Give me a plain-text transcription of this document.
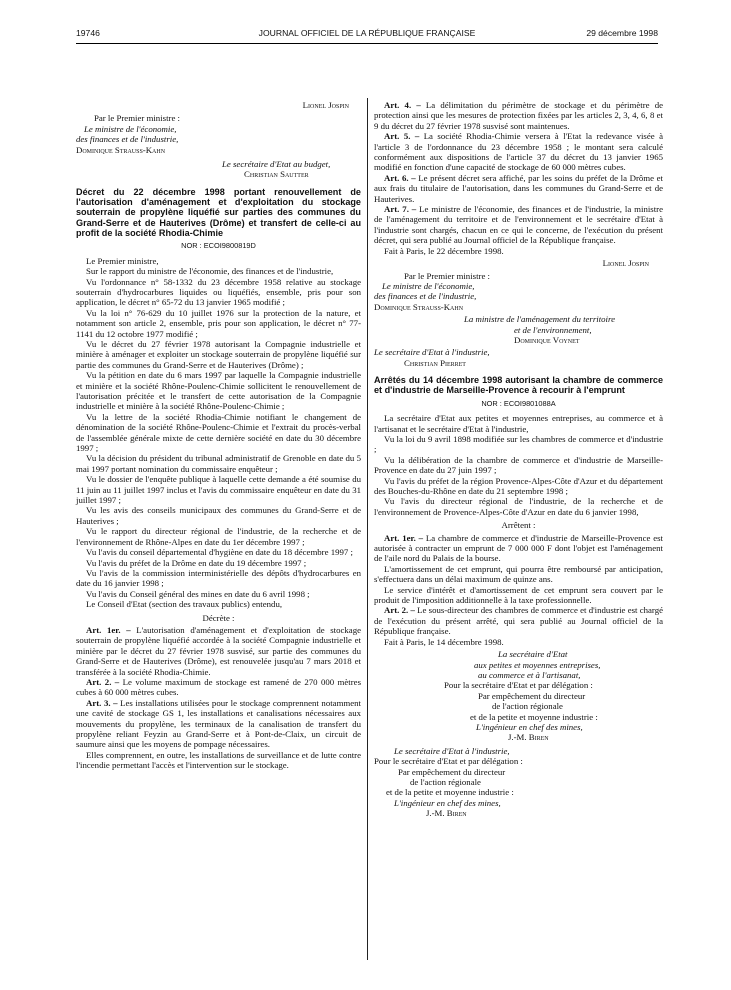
19746	JOURNAL OFFICIEL DE LA RÉPUBLIQUE FRANÇAISE	29 décembre 1998

Lionel Jospin

Par le Premier ministre :

Le ministre de l'économie,

des finances et de l'industrie,

Dominique Strauss-Kahn

Le secrétaire d'Etat au budget,

Christian Sautter

Décret du 22 décembre 1998 portant renouvellement de l'autorisation d'aménagement et d'exploitation du stockage souterrain de propylène liquéfié sur parties des communes du Grand-Serre et de Hauterives (Drôme) et transfert de celle-ci au profit de la société Rhodia-Chimie

NOR : ECOI9800819D

Le Premier ministre,

Sur le rapport du ministre de l'économie, des finances et de l'industrie,

Vu l'ordonnance n° 58-1332 du 23 décembre 1958 relative au stockage souterrain d'hydrocarbures liquides ou liquéfiés, ensemble, pris pour son application, le décret n° 65-72 du 13 janvier 1965 modifié ;

Vu la loi n° 76-629 du 10 juillet 1976 sur la protection de la nature, et notamment son article 2, ensemble, pris pour son application, le décret n° 77-1141 du 12 octobre 1977 modifié ;

Vu le décret du 27 février 1978 autorisant la Compagnie industrielle et minière à aménager et exploiter un stockage souterrain de propylène liquéfié sur partie des communes du Grand-Serre et de Hauterives (Drôme) ;

Vu la pétition en date du 6 mars 1997 par laquelle la Compagnie industrielle et minière et la société Rhône-Poulenc-Chimie sollicitent le renouvellement de l'autorisation précitée et le transfert de cette autorisation de la Compagnie industrielle et minière à la société Rhône-Poulenc-Chimie ;

Vu la lettre de la société Rhodia-Chimie notifiant le changement de dénomination de la société Rhône-Poulenc-Chimie et l'extrait du procès-verbal de l'assemblée générale mixte de cette dernière société en date du 30 décembre 1997 ;

Vu la décision du président du tribunal administratif de Grenoble en date du 5 mai 1997 portant nomination du commissaire enquêteur ;

Vu le dossier de l'enquête publique à laquelle cette demande a été soumise du 11 juin au 11 juillet 1997 inclus et l'avis du commissaire enquêteur en date du 31 juillet 1997 ;

Vu les avis des conseils municipaux des communes du Grand-Serre et de Hauterives ;

Vu le rapport du directeur régional de l'industrie, de la recherche et de l'environnement de Rhône-Alpes en date du 1er décembre 1997 ;

Vu l'avis du conseil départemental d'hygiène en date du 18 décembre 1997 ;

Vu l'avis du préfet de la Drôme en date du 19 décembre 1997 ;

Vu l'avis de la commission interministérielle des dépôts d'hydrocarbures en date du 16 janvier 1998 ;

Vu l'avis du Conseil général des mines en date du 6 avril 1998 ;

Le Conseil d'Etat (section des travaux publics) entendu,

Décrète :

Art. 1er. – L'autorisation d'aménagement et d'exploitation de stockage souterrain de propylène liquéfié accordée à la société Compagnie industrielle et minière par le décret du 27 février 1978 susvisé, sur partie des communes du Grand-Serre et de Hauterives (Drôme), est renouvelée jusqu'au 7 mars 2018 et transférée à la société Rhodia-Chimie.

Art. 2. – Le volume maximum de stockage est ramené de 270 000 mètres cubes à 60 000 mètres cubes.

Art. 3. – Les installations utilisées pour le stockage comprennent notamment une cavité de stockage GS 1, les installations et canalisations nécessaires aux mouvements du propylène, les terminaux de la canalisation de transfert du propylène reliant Feyzin au Grand-Serre et à Pont-de-Claix, un circuit de saumure ainsi que les moyens de pompage nécessaires.

Elles comprennent, en outre, les installations de surveillance et de lutte contre l'incendie permettant l'accès et l'intervention sur le stockage.

Art. 4. – La délimitation du périmètre de stockage et du périmètre de protection ainsi que les mesures de protection fixées par les articles 2, 3, 4, 6, 8 et 9 du décret du 27 février 1978 susvisé sont maintenues.

Art. 5. – La société Rhodia-Chimie versera à l'Etat la redevance visée à l'article 3 de l'ordonnance du 23 décembre 1958 ; le montant sera calculé conformément aux dispositions de l'article 37 du décret du 13 janvier 1965 modifié en fonction d'une capacité de stockage de 60 000 mètres cubes.

Art. 6. – Le présent décret sera affiché, par les soins du préfet de la Drôme et aux frais du titulaire de l'autorisation, dans les communes du Grand-Serre et de Hauterives.

Art. 7. – Le ministre de l'économie, des finances et de l'industrie, la ministre de l'aménagement du territoire et de l'environnement et le secrétaire d'Etat à l'industrie sont chargés, chacun en ce qui le concerne, de l'exécution du présent décret, qui sera publié au Journal officiel de la République française.

Fait à Paris, le 22 décembre 1998.

Lionel Jospin

Par le Premier ministre :

Le ministre de l'économie,

des finances et de l'industrie,

Dominique Strauss-Kahn

La ministre de l'aménagement du territoire

et de l'environnement,

Dominique Voynet

Le secrétaire d'Etat à l'industrie,

Christian Pierret

Arrêtés du 14 décembre 1998 autorisant la chambre de commerce et d'industrie de Marseille-Provence à recourir à l'emprunt

NOR : ECOI9801088A

La secrétaire d'Etat aux petites et moyennes entreprises, au commerce et à l'artisanat et le secrétaire d'Etat à l'industrie,

Vu la loi du 9 avril 1898 modifiée sur les chambres de commerce et d'industrie ;

Vu la délibération de la chambre de commerce et d'industrie de Marseille-Provence en date du 27 juin 1997 ;

Vu l'avis du préfet de la région Provence-Alpes-Côte d'Azur et du département des Bouches-du-Rhône en date du 21 septembre 1998 ;

Vu l'avis du directeur régional de l'industrie, de la recherche et de l'environnement de Provence-Alpes-Côte d'Azur en date du 6 janvier 1998,

Arrêtent :

Art. 1er. – La chambre de commerce et d'industrie de Marseille-Provence est autorisée à contracter un emprunt de 7 000 000 F dont l'objet est l'aménagement de l'aile nord du Palais de la bourse.

L'amortissement de cet emprunt, qui pourra être remboursé par anticipation, s'effectuera dans un délai maximum de quinze ans.

Le service d'intérêt et d'amortissement de cet emprunt sera couvert par le produit de l'imposition additionnelle à la taxe professionnelle.

Art. 2. – Le sous-directeur des chambres de commerce et d'industrie est chargé de l'exécution du présent arrêté, qui sera publié au Journal officiel de la République française.

Fait à Paris, le 14 décembre 1998.

La secrétaire d'Etat

aux petites et moyennes entreprises,

au commerce et à l'artisanat,

Pour la secrétaire d'Etat et par délégation :

Par empêchement du directeur

de l'action régionale

et de la petite et moyenne industrie :

L'ingénieur en chef des mines,

J.-M. Biren

Le secrétaire d'Etat à l'industrie,

Pour le secrétaire d'Etat et par délégation :

Par empêchement du directeur

de l'action régionale

et de la petite et moyenne industrie :

L'ingénieur en chef des mines,

J.-M. Biren
